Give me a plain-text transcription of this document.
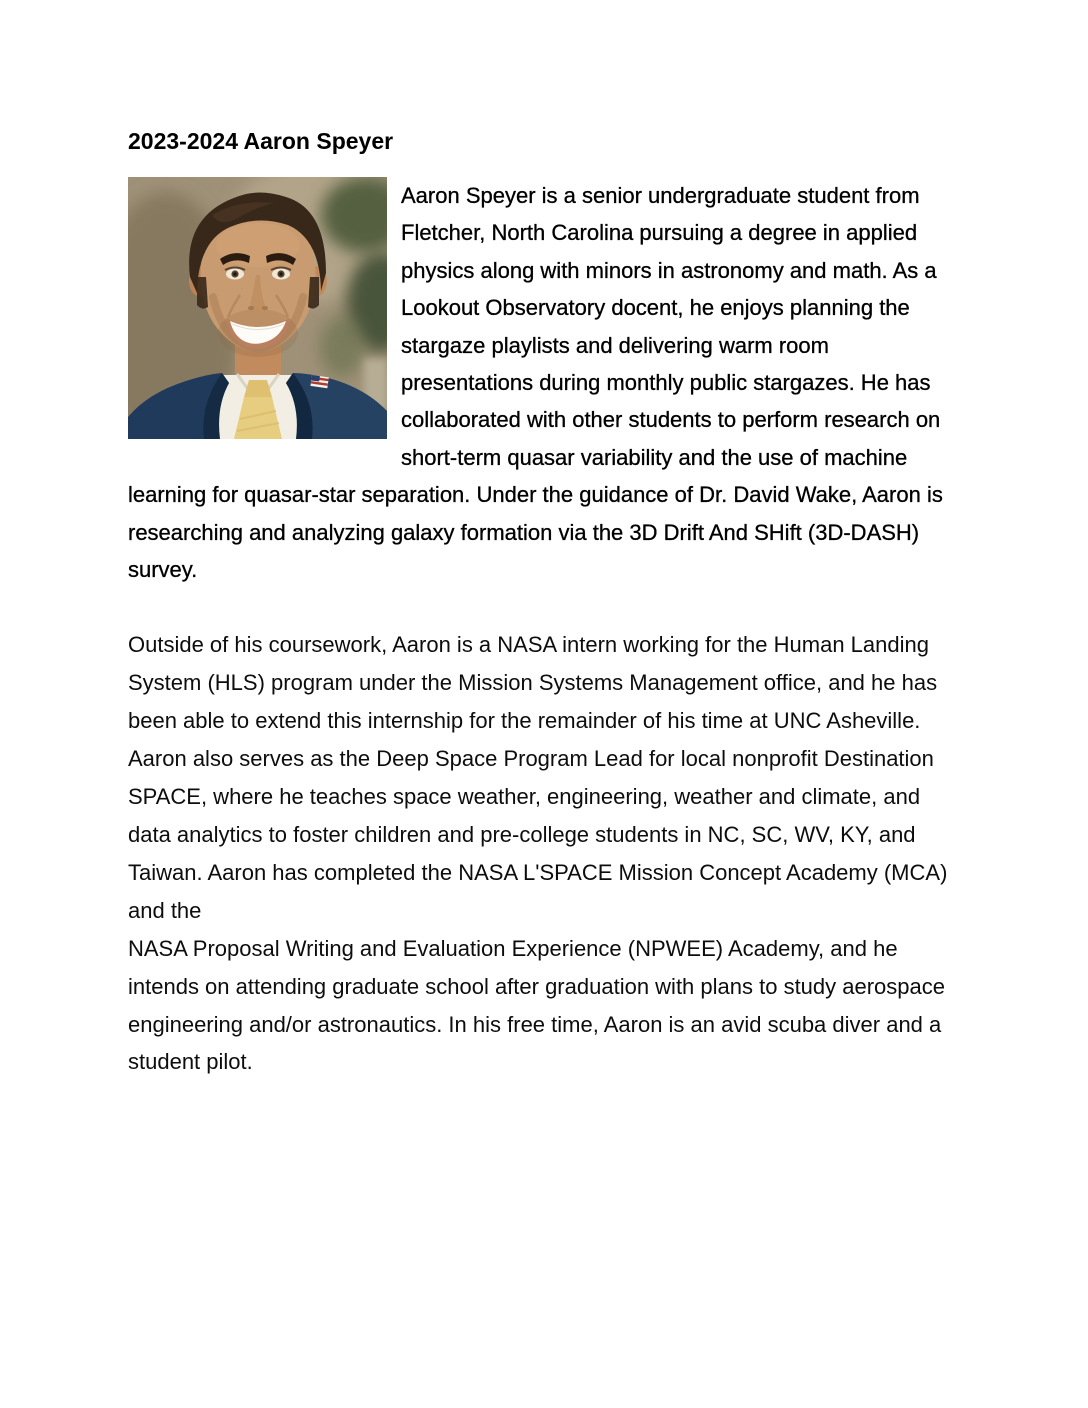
2023-2024 Aaron Speyer

Aaron Speyer is a senior undergraduate student from Fletcher, North Carolina pursuing a degree in applied physics along with minors in astronomy and math. As a Lookout Observatory docent, he enjoys planning the stargaze playlists and delivering warm room presentations during monthly public stargazes. He has collaborated with other students to perform research on short-term quasar variability and the use of machine learning for quasar-star separation. Under the guidance of Dr. David Wake, Aaron is researching and analyzing galaxy formation via the 3D Drift And SHift (3D-DASH) survey.

Outside of his coursework, Aaron is a NASA intern working for the Human Landing System (HLS) program under the Mission Systems Management office, and he has been able to extend this internship for the remainder of his time at UNC Asheville. Aaron also serves as the Deep Space Program Lead for local nonprofit Destination SPACE, where he teaches space weather, engineering, weather and climate, and data analytics to foster children and pre-college students in NC, SC, WV, KY, and Taiwan. Aaron has completed the NASA L'SPACE Mission Concept Academy (MCA) and the
NASA Proposal Writing and Evaluation Experience (NPWEE) Academy, and he intends on attending graduate school after graduation with plans to study aerospace engineering and/or astronautics. In his free time, Aaron is an avid scuba diver and a student pilot.
